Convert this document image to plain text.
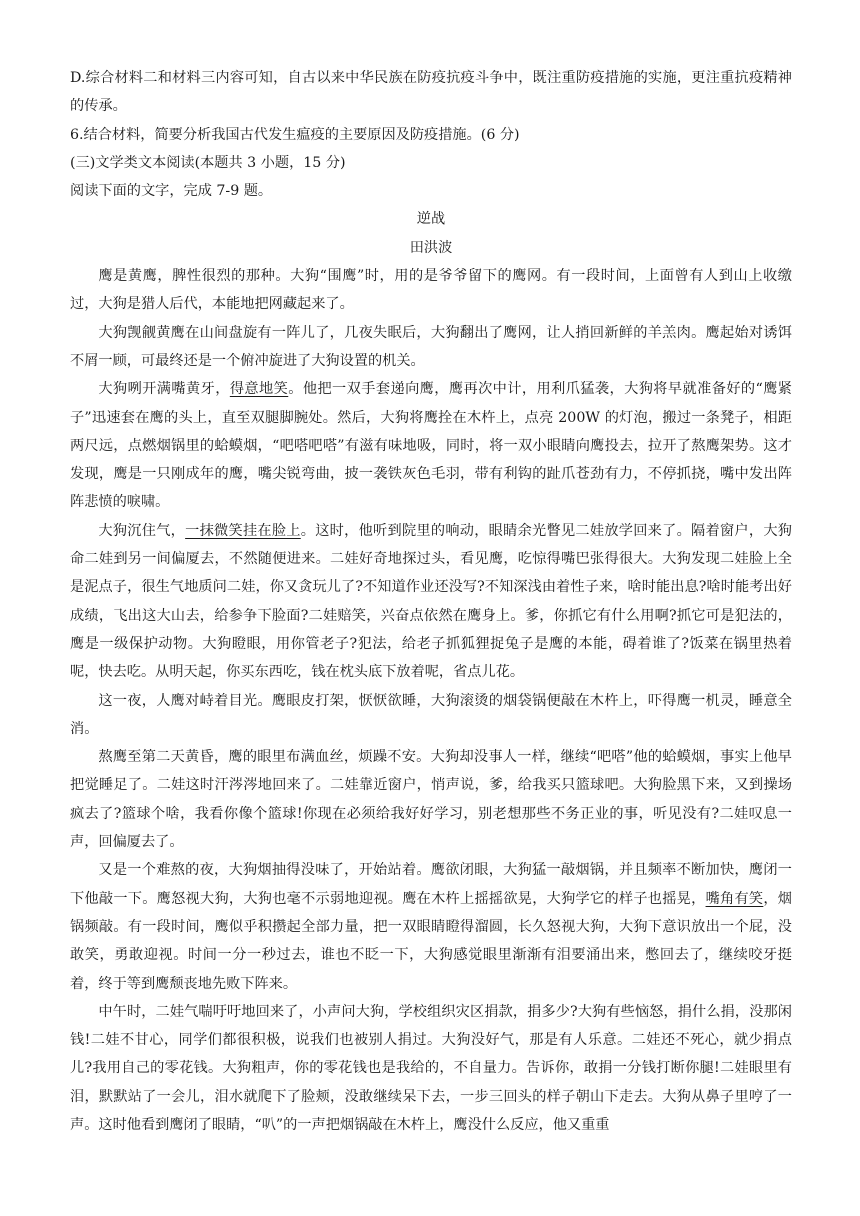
D.综合材料二和材料三内容可知，自古以来中华民族在防疫抗疫斗争中，既注重防疫措施的实施，更注重抗疫精神的传承。

6.结合材料，简要分析我国古代发生瘟疫的主要原因及防疫措施。(6 分)

(三)文学类文本阅读(本题共 3 小题，15 分)

阅读下面的文字，完成 7-9 题。

逆战

田洪波

鹰是黄鹰，脾性很烈的那种。大狗“围鹰”时，用的是爷爷留下的鹰网。有一段时间，上面曾有人到山上收缴过，大狗是猎人后代，本能地把网藏起来了。

大狗觊觎黄鹰在山间盘旋有一阵儿了，几夜失眠后，大狗翻出了鹰网，让人捎回新鲜的羊羔肉。鹰起始对诱饵不屑一顾，可最终还是一个俯冲旋进了大狗设置的机关。

大狗咧开满嘴黄牙，得意地笑。他把一双手套递向鹰，鹰再次中计，用利爪猛袭，大狗将早就准备好的“鹰紧子”迅速套在鹰的头上，直至双腿脚腕处。然后，大狗将鹰拴在木杵上，点亮 200W 的灯泡，搬过一条凳子，相距两尺远，点燃烟锅里的蛤蟆烟，“吧嗒吧嗒”有滋有味地吸，同时，将一双小眼睛向鹰投去，拉开了熬鹰架势。这才发现，鹰是一只刚成年的鹰，嘴尖锐弯曲，披一袭铁灰色毛羽，带有利钩的趾爪苍劲有力，不停抓挠，嘴中发出阵阵悲愤的唳啸。

大狗沉住气，一抹微笑挂在脸上。这时，他听到院里的响动，眼睛余光瞥见二娃放学回来了。隔着窗户，大狗命二娃到另一间偏厦去，不然随便进来。二娃好奇地探过头，看见鹰，吃惊得嘴巴张得很大。大狗发现二娃脸上全是泥点子，很生气地质问二娃，你又贪玩儿了?不知道作业还没写?不知深浅由着性子来，啥时能出息?啥时能考出好成绩，飞出这大山去，给参争下脸面?二娃赔笑，兴奋点依然在鹰身上。爹，你抓它有什么用啊?抓它可是犯法的，鹰是一级保护动物。大狗瞪眼，用你管老子?犯法，给老子抓狐狸捉兔子是鹰的本能，碍着谁了?饭菜在锅里热着呢，快去吃。从明天起，你买东西吃，钱在枕头底下放着呢，省点儿花。

这一夜，人鹰对峙着目光。鹰眼皮打架，恹恹欲睡，大狗滚烫的烟袋锅便敲在木杵上，吓得鹰一机灵，睡意全消。

熬鹰至第二天黄昏，鹰的眼里布满血丝，烦躁不安。大狗却没事人一样，继续“吧嗒”他的蛤蟆烟，事实上他早把觉睡足了。二娃这时汗涔涔地回来了。二娃靠近窗户，悄声说，爹，给我买只篮球吧。大狗脸黑下来，又到操场疯去了?篮球个啥，我看你像个篮球!你现在必须给我好好学习，别老想那些不务正业的事，听见没有?二娃叹息一声，回偏厦去了。

又是一个难熬的夜，大狗烟抽得没味了，开始站着。鹰欲闭眼，大狗猛一敲烟锅，并且频率不断加快，鹰闭一下他敲一下。鹰怒视大狗，大狗也毫不示弱地迎视。鹰在木杵上摇摇欲晃，大狗学它的样子也摇晃，嘴角有笑，烟锅频敲。有一段时间，鹰似乎积攒起全部力量，把一双眼睛瞪得溜圆，长久怒视大狗，大狗下意识放出一个屁，没敢笑，勇敢迎视。时间一分一秒过去，谁也不眨一下，大狗感觉眼里渐渐有泪要涌出来，憋回去了，继续咬牙挺着，终于等到鹰颓丧地先败下阵来。

中午时，二娃气喘吁吁地回来了，小声问大狗，学校组织灾区捐款，捐多少?大狗有些恼怒，捐什么捐，没那闲钱!二娃不甘心，同学们都很积极，说我们也被别人捐过。大狗没好气，那是有人乐意。二娃还不死心，就少捐点儿?我用自己的零花钱。大狗粗声，你的零花钱也是我给的，不自量力。告诉你，敢捐一分钱打断你腿!二娃眼里有泪，默默站了一会儿，泪水就爬下了脸颊，没敢继续呆下去，一步三回头的样子朝山下走去。大狗从鼻子里哼了一声。这时他看到鹰闭了眼睛，“叭”的一声把烟锅敲在木杵上，鹰没什么反应，他又重重
